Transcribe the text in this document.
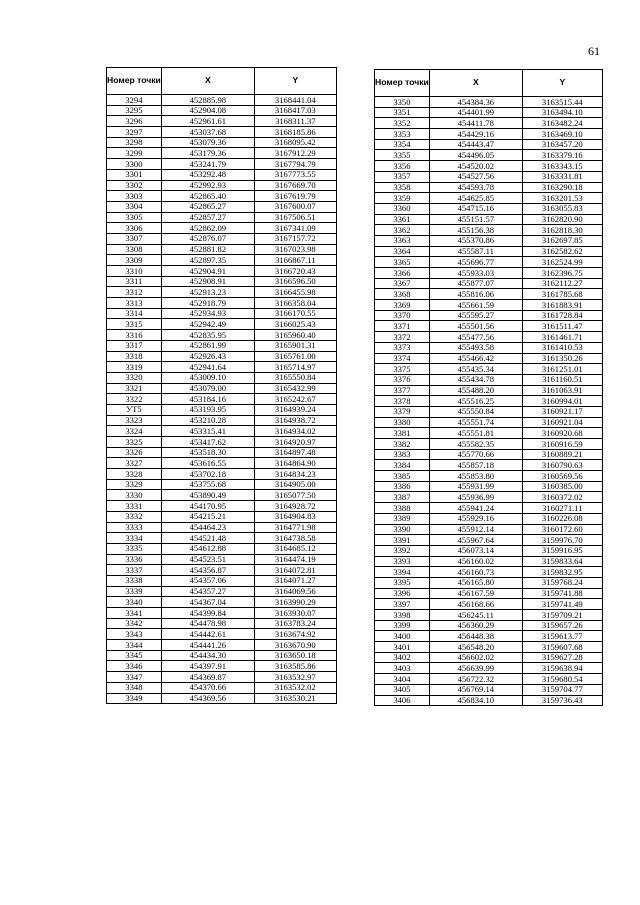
61
Номер точки	X	Y
3294	452885.98	3168441.04
3295	452904.08	3168417.03
3296	452961.61	3168311.37
3297	453037.68	3168185.86
3298	453079.36	3168095.42
3299	453179.36	3167912.29
3300	453241.79	3167794.79
3301	453292.48	3167773.55
3302	452992.93	3167669.70
3303	452865.40	3167619.79
3304	452865.27	3167600.07
3305	452857.27	3167506.51
3306	452862.09	3167341.09
3307	452876.07	3167157.72
3308	452881.82	3167023.98
3309	452897.35	3166867.11
3310	452904.91	3166720.43
3311	452908.91	3166596.50
3312	452913.23	3166455.98
3313	452918.79	3166358.04
3314	452934.93	3166170.55
3315	452942.49	3166025.43
3316	452835.95	3165960.40
3317	452861.99	3165901.31
3318	452926.43	3165761.00
3319	452941.64	3165714.97
3320	453009.10	3165550.84
3321	453079.00	3165432.99
3322	453184.16	3165242.67
УТ5	453193.95	3164939.24
3323	453210.28	3164938.72
3324	453315.41	3164934.02
3325	453417.62	3164920.97
3326	453518.30	3164897.48
3327	453616.55	3164864.90
3328	453702.18	3164834.23
3329	453755.68	3164905.00
3330	453890.49	3165077.50
3331	454170.95	3164928.72
3332	454215.21	3164904.83
3333	454464.23	3164771.98
3334	454521.48	3164738.58
3335	454612.88	3164685.12
3336	454523.51	3164474.19
3337	454356.87	3164072.81
3338	454357.06	3164071.27
3339	454357.27	3164069.56
3340	454367.04	3163990.29
3341	454399.84	3163930.07
3342	454478.98	3163783.24
3343	454442.61	3163674.92
3344	454441.26	3163670.90
3345	454434.30	3163650.18
3346	454397.91	3163585.86
3347	454369.87	3163532.97
3348	454370.66	3163532.02
3349	454369.56	3163530.21
Номер точки	X	Y
3350	454384.36	3163515.44
3351	454401.99	3163494.10
3352	454411.78	3163482.24
3353	454429.16	3163469.10
3354	454443.47	3163457.20
3355	454496.05	3163379.16
3356	454520.02	3163343.15
3357	454527.56	3163331.81
3358	454593.78	3163290.18
3359	454625.85	3163201.53
3360	454715.16	3163055.83
3361	455151.57	3162820.90
3362	455156.38	3162818.30
3363	455370.86	3162697.85
3364	455587.11	3162582.62
3365	455696.77	3162524.99
3366	455933.03	3162396.75
3367	455877.07	3162112.27
3368	455816.06	3161785.68
3369	455661.59	3161883.91
3370	455595.27	3161728.84
3371	455501.56	3161511.47
3372	455477.56	3161461.71
3373	455493.58	3161410.53
3374	455466.42	3161350.26
3375	455435.34	3161251.01
3376	455434.78	3161160.51
3377	455488.20	3161063.91
3378	455516.25	3160994.01
3379	455550.84	3160921.17
3380	455551.74	3160921.04
3381	455551.81	3160920.68
3382	455582.35	3160916.59
3383	455770.66	3160889.21
3384	455857.18	3160790.63
3385	455853.80	3160569.56
3386	455931.99	3160385.00
3387	455936.99	3160372.02
3388	455941.24	3160271.11
3389	455929.16	3160226.08
3390	455912.14	3160172.60
3391	455967.64	3159976.70
3392	456073.14	3159916.95
3393	456160.02	3159833.64
3394	456160.73	3159832.95
3395	456165.80	3159768.24
3396	456167.59	3159741.88
3397	456168.66	3159741.49
3398	456245.11	3159709.21
3399	456360.29	3159657.26
3400	456448.38	3159613.77
3401	456548.20	3159607.68
3402	456602.02	3159627.28
3403	456639.99	3159638.94
3404	456722.32	3159680.54
3405	456769.14	3159704.77
3406	456834.10	3159736.43
